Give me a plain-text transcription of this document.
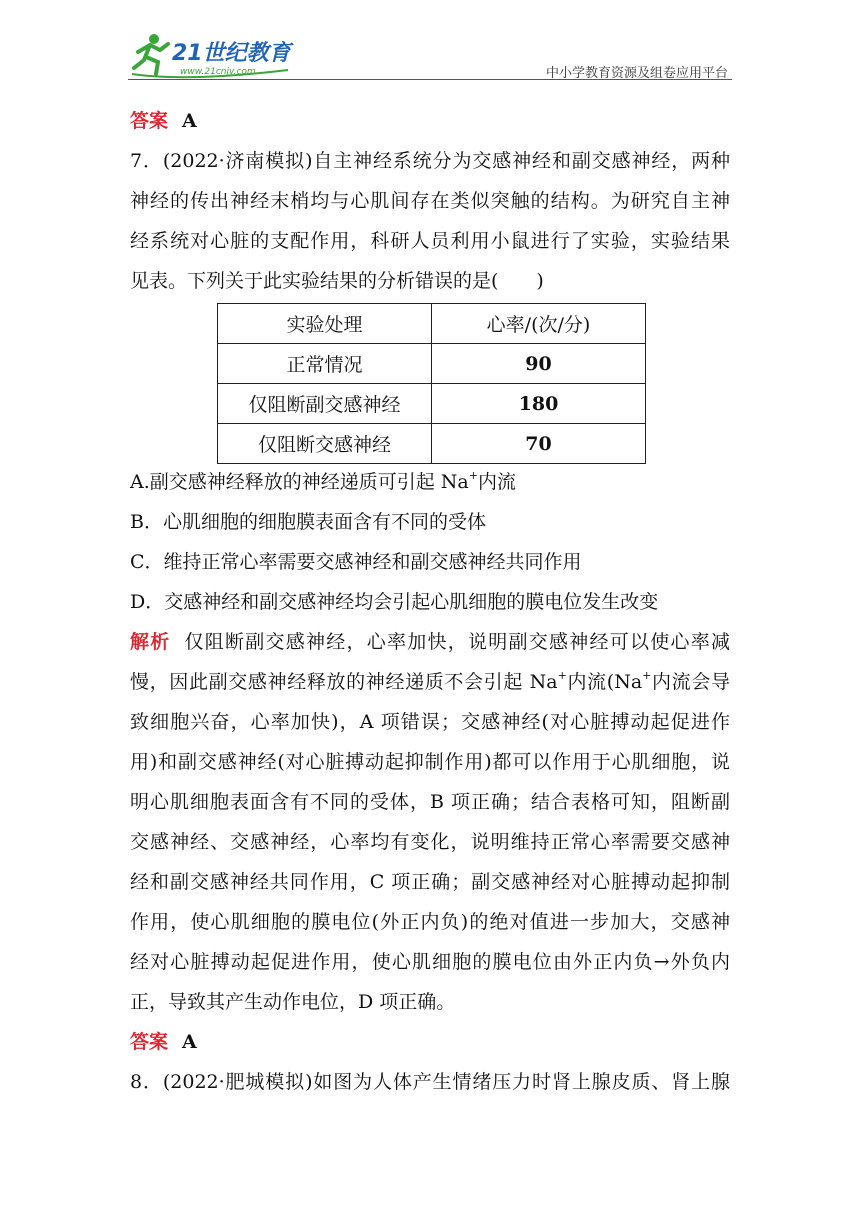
21世纪教育
www.21cnjy.com	中小学教育资源及组卷应用平台
答案 A
7．(2022·济南模拟)自主神经系统分为交感神经和副交感神经，两种
神经的传出神经末梢均与心肌间存在类似突触的结构。为研究自主神
经系统对心脏的支配作用，科研人员利用小鼠进行了实验，实验结果
见表。下列关于此实验结果的分析错误的是(　　)
实验处理	心率/(次/分)
正常情况	90
仅阻断副交感神经	180
仅阻断交感神经	70
A.副交感神经释放的神经递质可引起 Na+内流
B．心肌细胞的细胞膜表面含有不同的受体
C．维持正常心率需要交感神经和副交感神经共同作用
D．交感神经和副交感神经均会引起心肌细胞的膜电位发生改变
解析 仅阻断副交感神经，心率加快，说明副交感神经可以使心率减
慢，因此副交感神经释放的神经递质不会引起 Na+内流(Na+内流会导
致细胞兴奋，心率加快)，A 项错误；交感神经(对心脏搏动起促进作
用)和副交感神经(对心脏搏动起抑制作用)都可以作用于心肌细胞，说
明心肌细胞表面含有不同的受体，B 项正确；结合表格可知，阻断副
交感神经、交感神经，心率均有变化，说明维持正常心率需要交感神
经和副交感神经共同作用，C 项正确；副交感神经对心脏搏动起抑制
作用，使心肌细胞的膜电位(外正内负)的绝对值进一步加大，交感神
经对心脏搏动起促进作用，使心肌细胞的膜电位由外正内负→外负内
正，导致其产生动作电位，D 项正确。
答案 A
8．(2022·肥城模拟)如图为人体产生情绪压力时肾上腺皮质、肾上腺
